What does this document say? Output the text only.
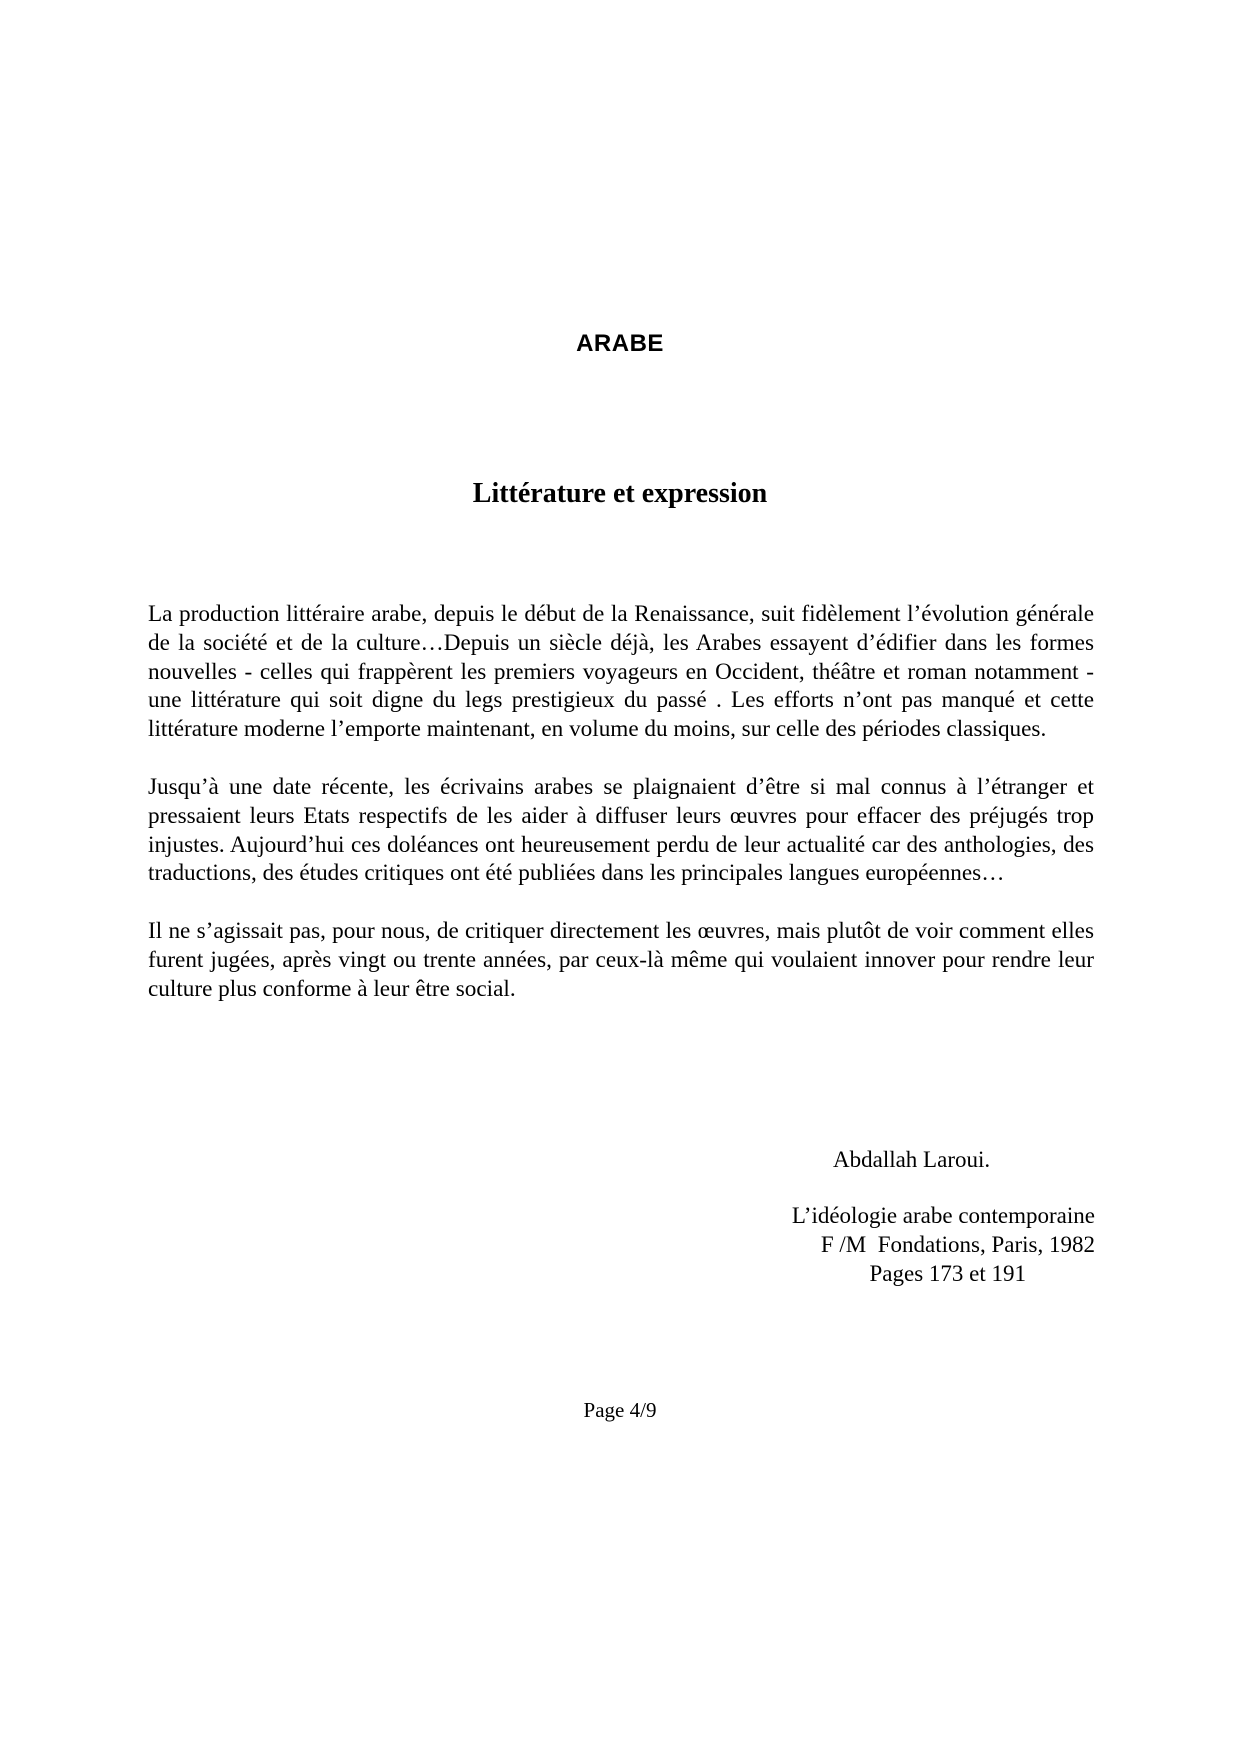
ARABE
Littérature et expression

La production littéraire arabe, depuis le début de la Renaissance, suit fidèlement l’évolution générale de la société et de la culture…Depuis un siècle déjà, les Arabes essayent d’édifier dans les formes nouvelles - celles qui frappèrent les premiers voyageurs en Occident, théâtre et roman notamment - une littérature qui soit digne du legs prestigieux du passé . Les efforts n’ont pas manqué et cette littérature moderne l’emporte maintenant, en volume du moins, sur celle des périodes classiques.

Jusqu’à une date récente, les écrivains arabes se plaignaient d’être si mal connus à l’étranger et pressaient leurs Etats respectifs de les aider à diffuser leurs œuvres pour effacer des préjugés trop injustes. Aujourd’hui ces doléances ont heureusement perdu de leur actualité car des anthologies, des traductions, des études critiques ont été publiées dans les principales langues européennes…

Il ne s’agissait pas, pour nous, de critiquer directement les œuvres, mais plutôt de voir comment elles furent jugées, après vingt ou trente années, par ceux-là même qui voulaient innover pour rendre leur culture plus conforme à leur être social.

Abdallah Laroui.
L’idéologie arabe contemporaine
F /M  Fondations, Paris, 1982
Pages 173 et 191
Page 4/9
